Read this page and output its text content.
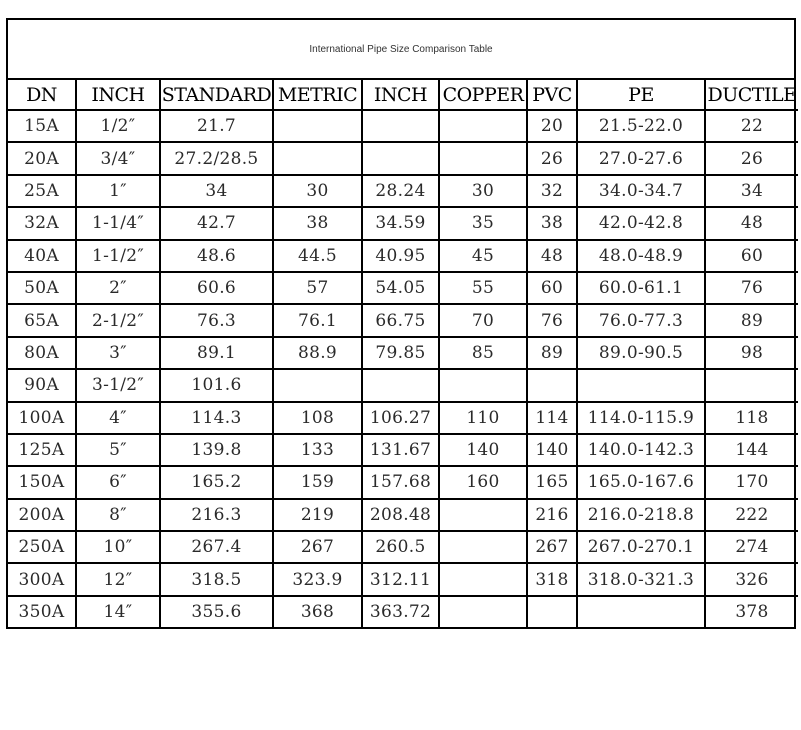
International Pipe Size Comparison Table
DN	INCH	STANDARD	METRIC	INCH	COPPER	PVC	PE	DUCTILE
15A	1/2″	21.7				20	21.5-22.0	22
20A	3/4″	27.2/28.5				26	27.0-27.6	26
25A	1″	34	30	28.24	30	32	34.0-34.7	34
32A	1-1/4″	42.7	38	34.59	35	38	42.0-42.8	48
40A	1-1/2″	48.6	44.5	40.95	45	48	48.0-48.9	60
50A	2″	60.6	57	54.05	55	60	60.0-61.1	76
65A	2-1/2″	76.3	76.1	66.75	70	76	76.0-77.3	89
80A	3″	89.1	88.9	79.85	85	89	89.0-90.5	98
90A	3-1/2″	101.6						
100A	4″	114.3	108	106.27	110	114	114.0-115.9	118
125A	5″	139.8	133	131.67	140	140	140.0-142.3	144
150A	6″	165.2	159	157.68	160	165	165.0-167.6	170
200A	8″	216.3	219	208.48		216	216.0-218.8	222
250A	10″	267.4	267	260.5		267	267.0-270.1	274
300A	12″	318.5	323.9	312.11		318	318.0-321.3	326
350A	14″	355.6	368	363.72				378
